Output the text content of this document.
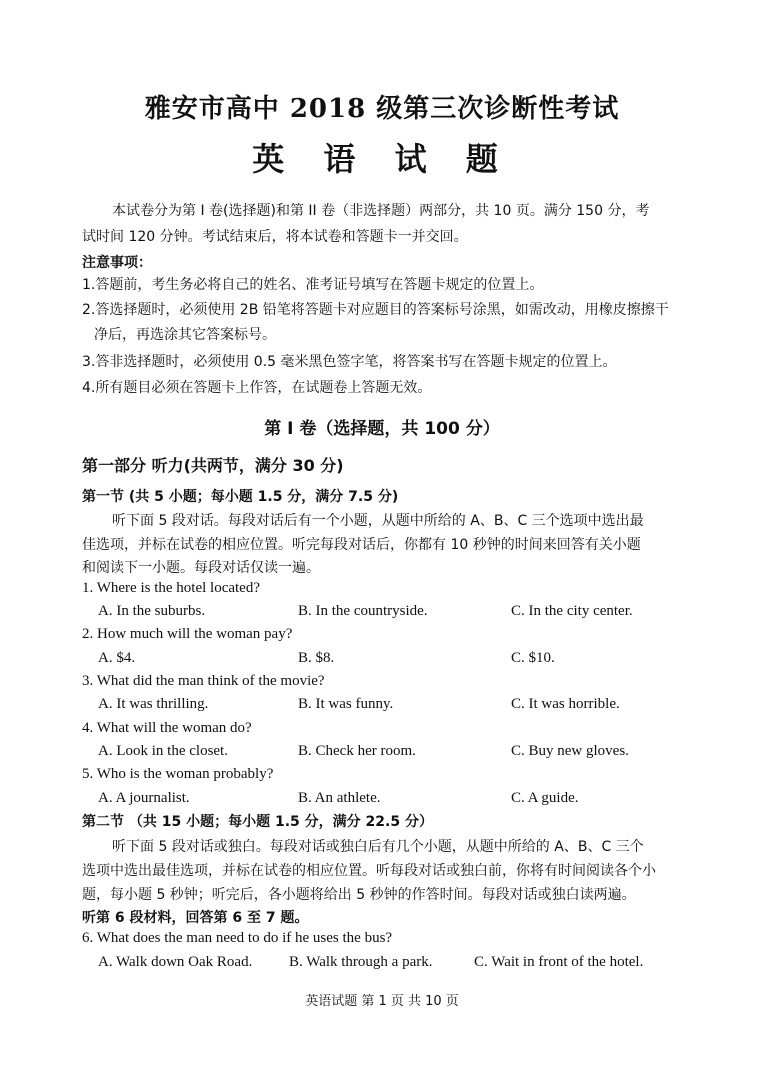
雅安市高中 2018 级第三次诊断性考试
英 语 试 题
本试卷分为第 I 卷(选择题)和第 II 卷（非选择题）两部分，共 10 页。满分 150 分，考
试时间 120 分钟。考试结束后，将本试卷和答题卡一并交回。
注意事项：
1.答题前，考生务必将自己的姓名、准考证号填写在答题卡规定的位置上。
2.答选择题时，必须使用 2B 铅笔将答题卡对应题目的答案标号涂黑，如需改动，用橡皮擦擦干
净后，再选涂其它答案标号。
3.答非选择题时，必须使用 0.5 毫米黑色签字笔，将答案书写在答题卡规定的位置上。
4.所有题目必须在答题卡上作答，在试题卷上答题无效。
第 I 卷（选择题，共 100 分）
第一部分 听力(共两节，满分 30 分)
第一节 (共 5 小题；每小题 1.5 分，满分 7.5 分)
听下面 5 段对话。每段对话后有一个小题，从题中所给的 A、B、C 三个选项中选出最
佳选项，并标在试卷的相应位置。听完每段对话后，你都有 10 秒钟的时间来回答有关小题
和阅读下一小题。每段对话仅读一遍。
1. Where is the hotel located?
A. In the suburbs.	B. In the countryside.	C. In the city center.
2. How much will the woman pay?
A. $4.	B. $8.	C. $10.
3. What did the man think of the movie?
A. It was thrilling.	B. It was funny.	C. It was horrible.
4. What will the woman do?
A. Look in the closet.	B. Check her room.	C. Buy new gloves.
5. Who is the woman probably?
A. A journalist.	B. An athlete.	C. A guide.
第二节 （共 15 小题；每小题 1.5 分，满分 22.5 分）
听下面 5 段对话或独白。每段对话或独白后有几个小题，从题中所给的 A、B、C 三个
选项中选出最佳选项，并标在试卷的相应位置。听每段对话或独白前，你将有时间阅读各个小
题，每小题 5 秒钟；听完后，各小题将给出 5 秒钟的作答时间。每段对话或独白读两遍。
听第 6 段材料，回答第 6 至 7 题。
6. What does the man need to do if he uses the bus?
A. Walk down Oak Road. B. Walk through a park.	C. Wait in front of the hotel.
英语试题 第 1 页 共 10 页
